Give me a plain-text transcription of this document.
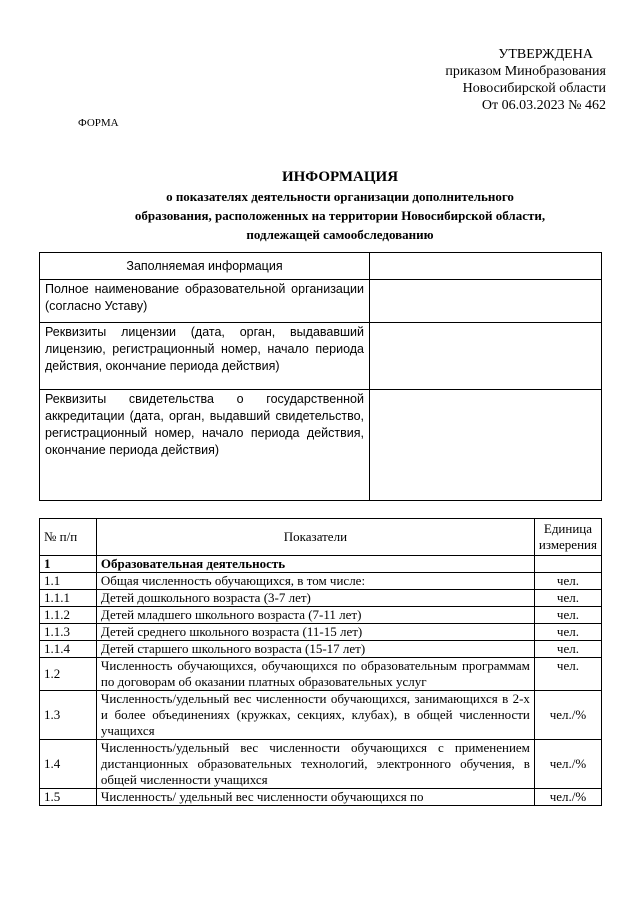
УТВЕРЖДЕНА
приказом Минобразования
Новосибирской области
От 06.03.2023 № 462
ФОРМА
ИНФОРМАЦИЯ
о показателях деятельности организации дополнительного
образования, расположенных на территории Новосибирской области,
подлежащей самообследованию
Заполняемая информация	
Полное наименование образовательной организации (согласно Уставу)	
Реквизиты лицензии (дата, орган, выдававший лицензию, регистрационный номер, начало периода действия, окончание периода действия)	
Реквизиты свидетельства о государственной аккредитации (дата, орган, выдавший свидетельство, регистрационный номер, начало периода действия, окончание периода действия)	
№ п/п	Показатели	Единица измерения
1	Образовательная деятельность	
1.1	Общая численность обучающихся, в том числе:	чел.
1.1.1	Детей дошкольного возраста (3-7 лет)	чел.
1.1.2	Детей младшего школьного возраста (7-11 лет)	чел.
1.1.3	Детей среднего школьного возраста (11-15 лет)	чел.
1.1.4	Детей старшего школьного возраста (15-17 лет)	чел.
1.2	Численность обучающихся, обучающихся по образовательным программам по договорам об оказании платных образовательных услуг	чел.
1.3	Численность/удельный вес численности обучающихся, занимающихся в 2-х и более объединениях (кружках, секциях, клубах), в общей численности учащихся	чел./%
1.4	Численность/удельный вес численности обучающихся с применением дистанционных образовательных технологий, электронного обучения, в общей численности учащихся	чел./%
1.5	Численность/ удельный вес численности обучающихся по	чел./%
